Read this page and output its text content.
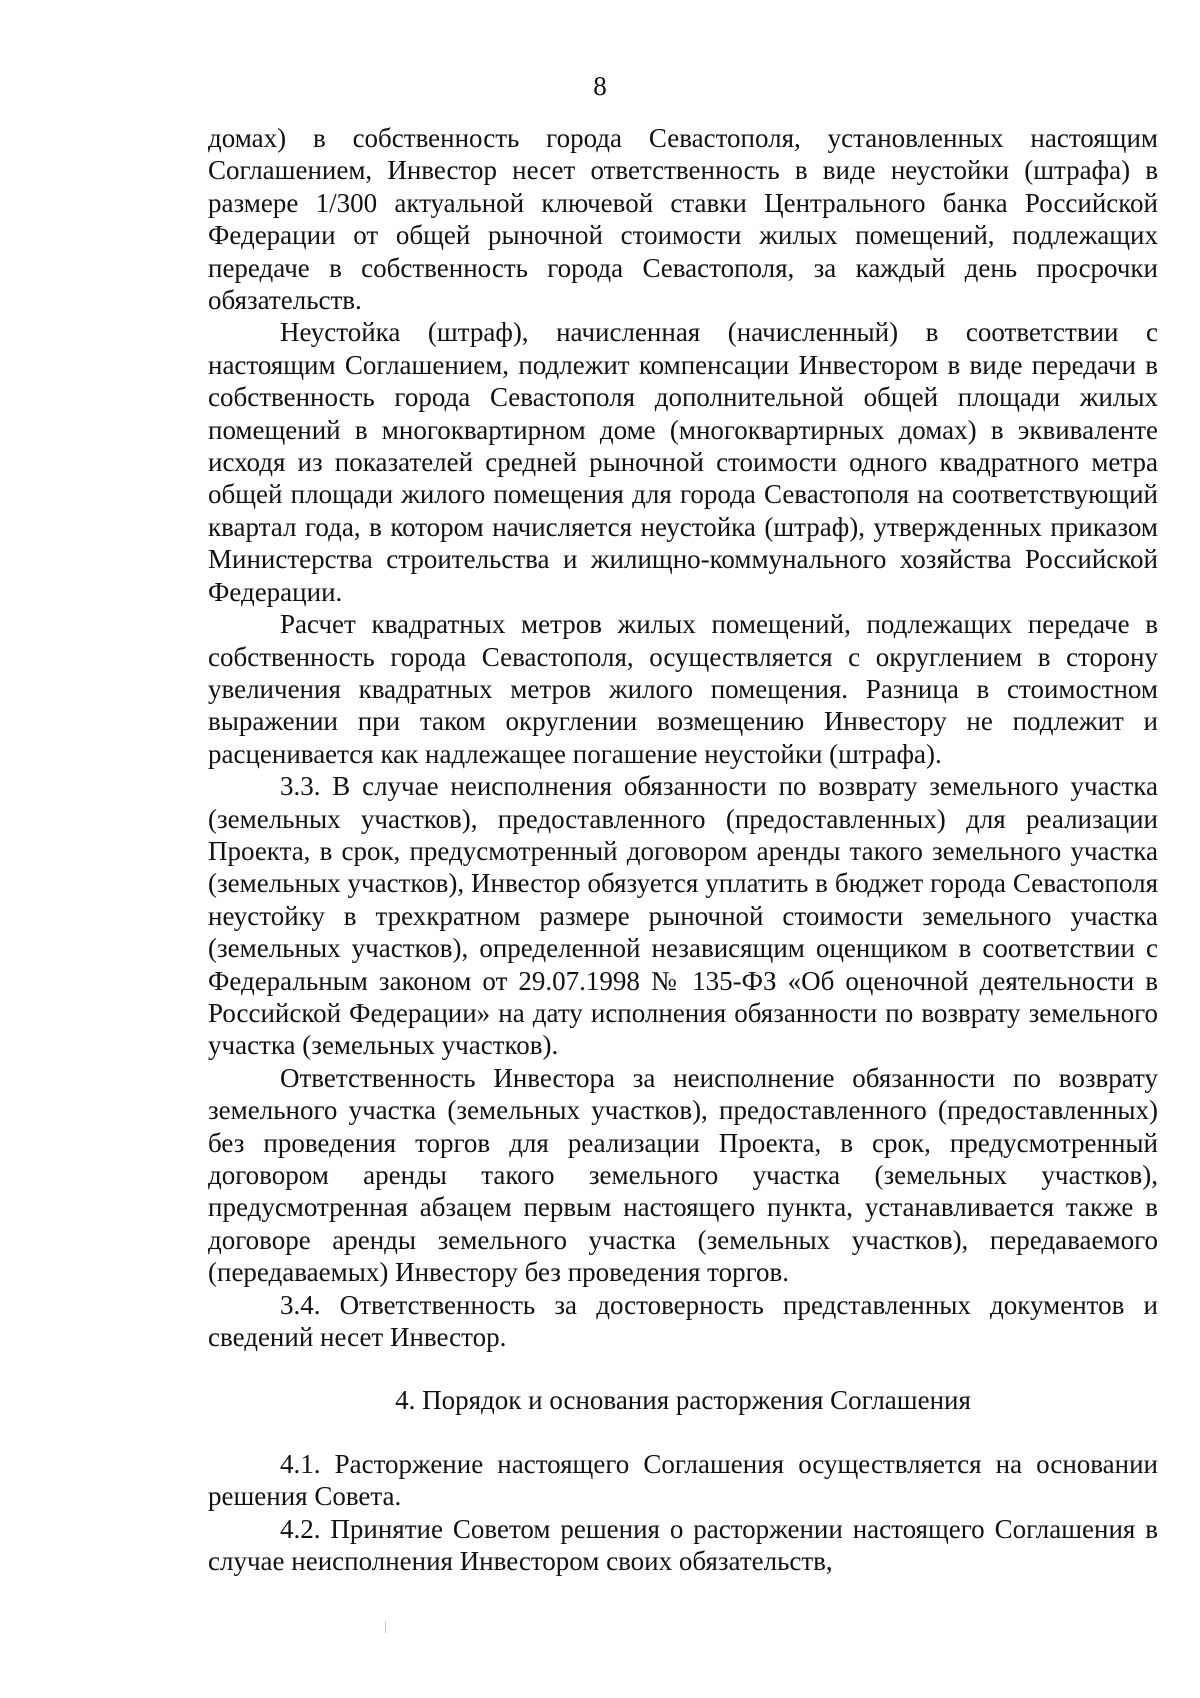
8

домах) в собственность города Севастополя, установленных настоящим Соглашением, Инвестор несет ответственность в виде неустойки (штрафа) в размере 1/300 актуальной ключевой ставки Центрального банка Российской Федерации от общей рыночной стоимости жилых помещений, подлежащих передаче в собственность города Севастополя, за каждый день просрочки обязательств.

Неустойка (штраф), начисленная (начисленный) в соответствии с настоящим Соглашением, подлежит компенсации Инвестором в виде передачи в собственность города Севастополя дополнительной общей площади жилых помещений в многоквартирном доме (многоквартирных домах) в эквиваленте исходя из показателей средней рыночной стоимости одного квадратного метра общей площади жилого помещения для города Севастополя на соответствующий квартал года, в котором начисляется неустойка (штраф), утвержденных приказом Министерства строительства и жилищно-коммунального хозяйства Российской Федерации.

Расчет квадратных метров жилых помещений, подлежащих передаче в собственность города Севастополя, осуществляется с округлением в сторону увеличения квадратных метров жилого помещения. Разница в стоимостном выражении при таком округлении возмещению Инвестору не подлежит и расценивается как надлежащее погашение неустойки (штрафа).

3.3. В случае неисполнения обязанности по возврату земельного участка (земельных участков), предоставленного (предоставленных) для реализации Проекта, в срок, предусмотренный договором аренды такого земельного участка (земельных участков), Инвестор обязуется уплатить в бюджет города Севастополя неустойку в трехкратном размере рыночной стоимости земельного участка (земельных участков), определенной независящим оценщиком в соответствии с Федеральным законом от 29.07.1998 № 135-ФЗ «Об оценочной деятельности в Российской Федерации» на дату исполнения обязанности по возврату земельного участка (земельных участков).

Ответственность Инвестора за неисполнение обязанности по возврату земельного участка (земельных участков), предоставленного (предоставленных) без проведения торгов для реализации Проекта, в срок, предусмотренный договором аренды такого земельного участка (земельных участков), предусмотренная абзацем первым настоящего пункта, устанавливается также в договоре аренды земельного участка (земельных участков), передаваемого (передаваемых) Инвестору без проведения торгов.

3.4. Ответственность за достоверность представленных документов и сведений несет Инвестор.

4. Порядок и основания расторжения Соглашения

4.1. Расторжение настоящего Соглашения осуществляется на основании решения Совета.

4.2. Принятие Советом решения о расторжении настоящего Соглашения в случае неисполнения Инвестором своих обязательств,
